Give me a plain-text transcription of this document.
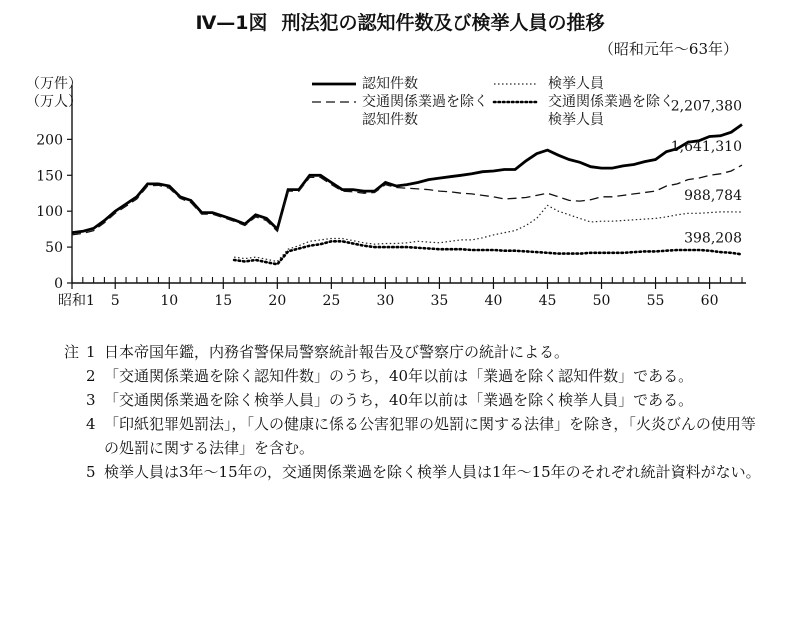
Ⅳ—1図 刑法犯の認知件数及び検挙人員の推移
（昭和元年～63年）
（万件）
（万人）
認知件数
交通関係業過を除く
認知件数
検挙人員
交通関係業過を除く
検挙人員
0
50
100
150
200
昭和1 5	10	15	20	25	30	35	40	45	50	55	60
2,207,380
1,641,310
988,784
398,208
注 1 日本帝国年鑑，内務省警保局警察統計報告及び警察庁の統計による。
2 「交通関係業過を除く認知件数」のうち，40年以前は「業過を除く認知件数」である。
3 「交通関係業過を除く検挙人員」のうち，40年以前は「業過を除く検挙人員」である。
4 「印紙犯罪処罰法」，「人の健康に係る公害犯罪の処罰に関する法律」を除き，「火炎びんの使用等の処罰に関する法律」を含む。
5 検挙人員は3年～15年の，交通関係業過を除く検挙人員は1年～15年のそれぞれ統計資料がない。
